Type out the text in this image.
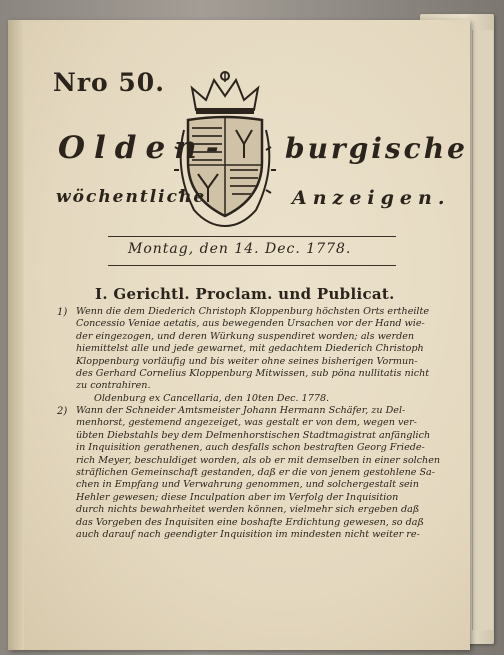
Nro 50.
Olden- burgische
wöchentliche	Anzeigen.
Montag, den 14. Dec. 1778.
I. Gerichtl. Proclam. und Publicat.
1) Wenn die dem Diederich Christoph Kloppenburg höchsten Orts ertheilte
Concessio Veniae aetatis, aus bewegenden Ursachen vor der Hand wie-
der eingezogen, und deren Würkung suspendiret worden; als werden
hiemittelst alle und jede gewarnet, mit gedachtem Diederich Christoph
Kloppenburg vorläufig und bis weiter ohne seines bisherigen Vormun-
des Gerhard Cornelius Kloppenburg Mitwissen, sub pöna nullitatis nicht
zu contrahiren.
Oldenburg ex Cancellaria, den 10ten Dec. 1778.
2) Wann der Schneider Amtsmeister Johann Hermann Schäfer, zu Del-
menhorst, gestemend angezeiget, was gestalt er von dem, wegen ver-
übten Diebstahls bey dem Delmenhorstischen Stadtmagistrat anfänglich
in Inquisition gerathenen, auch desfalls schon bestraften Georg Friede-
rich Meyer, beschuldiget worden, als ob er mit demselben in einer solchen
sträflichen Gemeinschaft gestanden, daß er die von jenem gestohlene Sa-
chen in Empfang und Verwahrung genommen, und solchergestalt sein
Hehler gewesen; diese Inculpation aber im Verfolg der Inquisition
durch nichts bewahrheitet werden können, vielmehr sich ergeben daß
das Vorgeben des Inquisiten eine boshafte Erdichtung gewesen, so daß
auch darauf nach geendigter Inquisition im mindesten nicht weiter re-
